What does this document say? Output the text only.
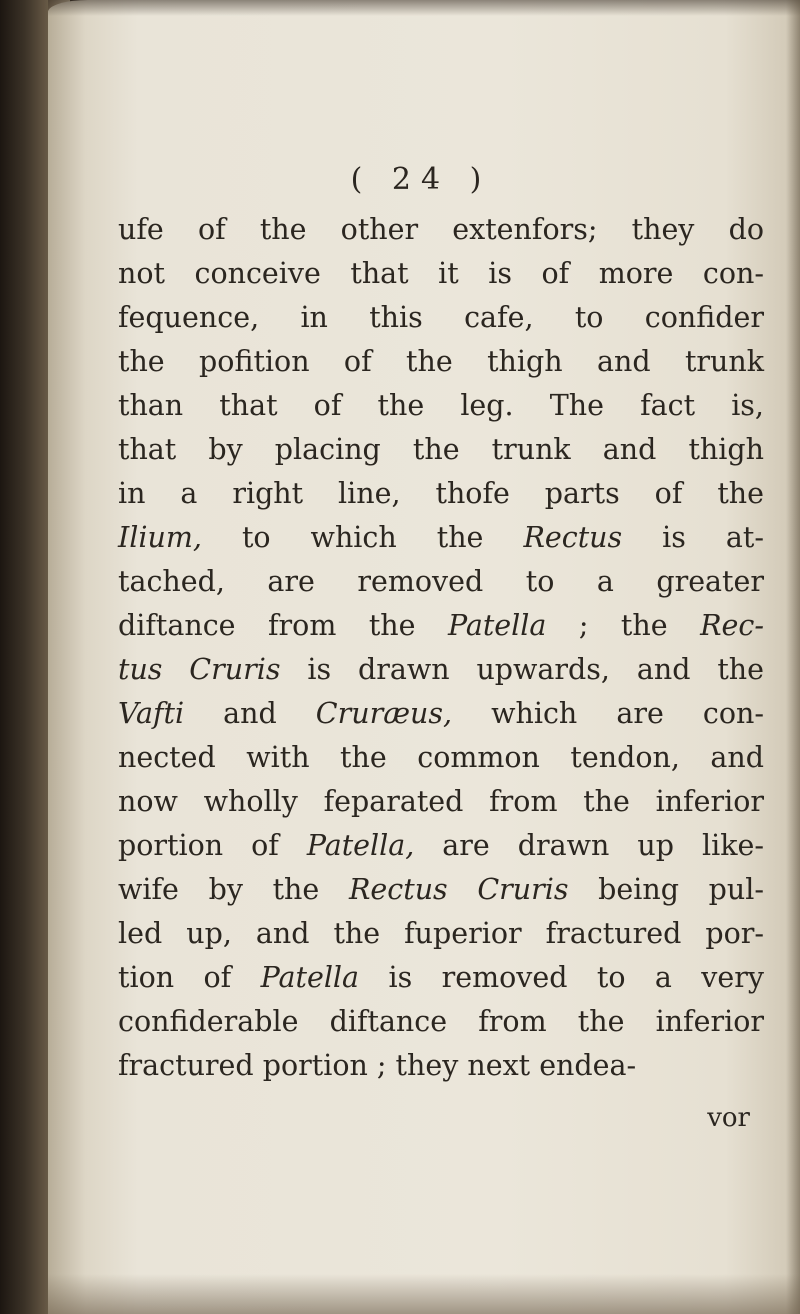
( 24 )
ufe of the other extenfors; they do
not conceive that it is of more con-
fequence, in this cafe, to confider
the pofition of the thigh and trunk
than that of the leg. The fact is,
that by placing the trunk and thigh
in a right line, thofe parts of the
Ilium, to which the Rectus is at-
tached, are removed to a greater
diftance from the Patella ; the Rec-
tus Cruris is drawn upwards, and the
Vafti and Cruræus, which are con-
nected with the common tendon, and
now wholly feparated from the inferior
portion of Patella, are drawn up like-
wife by the Rectus Cruris being pul-
led up, and the fuperior fractured por-
tion of Patella is removed to a very
confiderable diftance from the inferior
fractured portion ; they next endea-
vor
